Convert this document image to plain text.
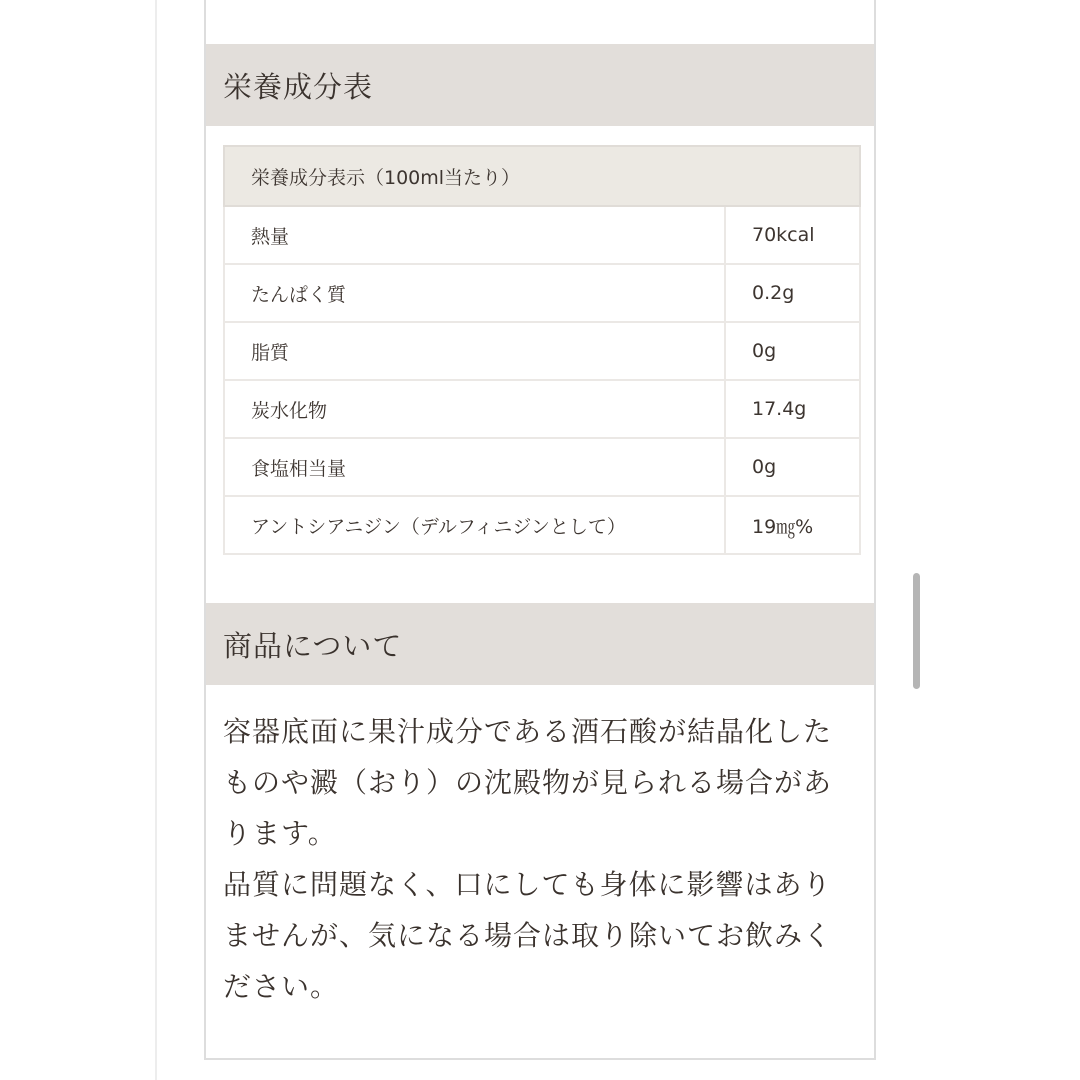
栄養成分表
栄養成分表示（100ml当たり）	
熱量	70kcal
たんぱく質	0.2g
脂質	0g
炭水化物	17.4g
食塩相当量	0g
アントシアニジン（デルフィニジンとして）	19㎎%
商品について
容器底面に果汁成分である酒石酸が結晶化したものや澱（おり）の沈殿物が見られる場合があります。
品質に問題なく、口にしても身体に影響はありませんが、気になる場合は取り除いてお飲みください。
